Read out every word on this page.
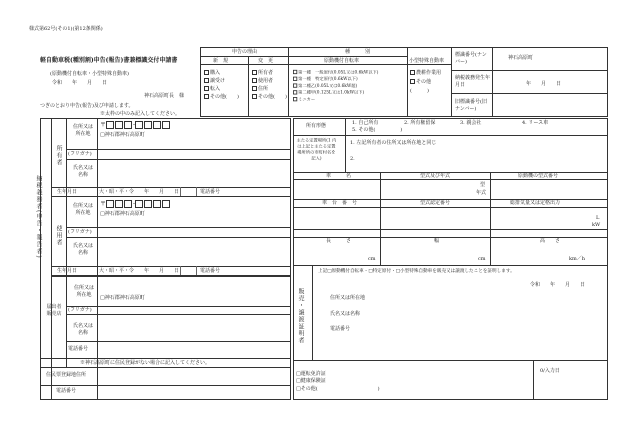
様式第62号(その1)(第12条関係)
軽自動車税(種別割)申告(報告)書兼標識交付申請書
(原動機付自転車・小型特殊自動車)
令和　　年　　月　　日
神石高原町長　様
つぎのとおり申告(報告)及び申請します。
※太枠の中のみ記入してください。
申告の理由
新　規	変　更
購入
譲受け
転入
その他(　　)
所有者
使用者
住所
その他(　　)
種　　　別
原動機付自転車
第一種　一般原付(0.05L又は0.6kW以下)
第一種　特定原付(0.6kW以下)
第二種乙(0.05L又は0.6kW超)
第二種甲(0.125L又は1.0kW以下)
ミニカー
小型特殊自動車
農耕作業用
その他
(　　　)
標識番号(ナンバー)
神石高原町
納税義務発生年月日	年　　月　　日
旧標識番号(旧ナンバー)
納税義務者(申告・報告者)
所有者
住所又は所在地
〒	-
□神石郡神石高原町
(フリガナ)
氏名又は名称
生年月日	大・昭・平・令　　年　　月　　日	電話番号
使用者
住所又は所在地
〒	-
□神石郡神石高原町
(フリガナ)
氏名又は名称
生年月日	大・昭・平・令　　年　　月　　日	電話番号
届出者販売店
住所又は所在地	□神石郡神石高原町
(フリガナ)
氏名又は名称
電話番号
※神石高原町に住民登録がない場合に記入してください。
住民票登録地住所
電話番号
所有形態	1. 自己所有	2. 所有権留保	3. 親会社	4. リース車
5. その他(　　　　　)
主たる定置場所(1 内は上記と主たる定置場所所の市町村名を記入)
1. 左記所有者の住所又は所在地と同じ
2.
車　　　名	型式及び年式	原動機の型式番号
型
年式
車　台　番　号	型式認定番号	総排気量又は定格出力
L
kW
長　　　さ	幅	高　　さ
cm	cm	km／h
販売・譲渡証明者
上記□原動機付自転車・□特定原付・□小型特殊自動車を販売又は譲渡したことを証明します。
令和　　年　　月　　日
住所又は所在地
氏名又は名称
電話番号
□運転免許証
□健康保険証
□その他(　　　　　　　　　　　　)
0/入力日
